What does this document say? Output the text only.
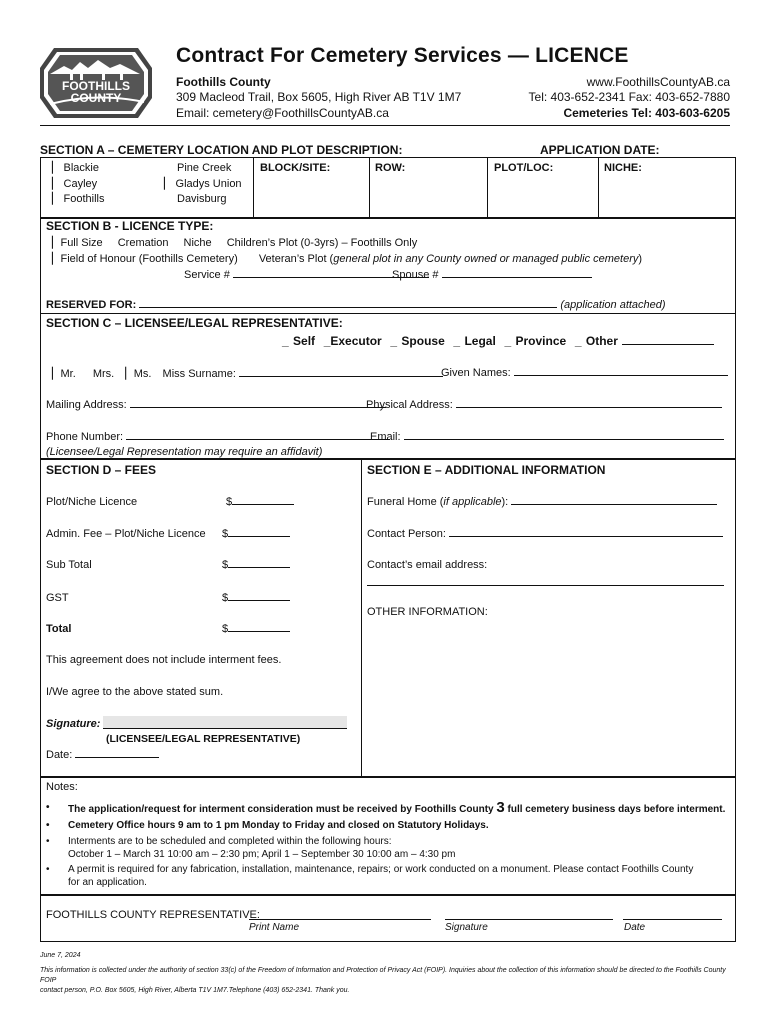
FOOTHILLS
COUNTY
Contract For Cemetery Services — LICENCE
Foothills County
309 Macleod Trail, Box 5605, High River AB T1V 1M7
Email: cemetery@FoothillsCountyAB.ca
www.FoothillsCountyAB.ca
Tel: 403-652-2341 Fax: 403-652-7880
Cemeteries Tel: 403-603-6205
SECTION A – CEMETERY LOCATION AND PLOT DESCRIPTION:	APPLICATION DATE:
▏ Blackie
▏ Cayley
▏ Foothills
Pine Creek
▏ Gladys Union
Davisburg
BLOCK/SITE:	ROW:	PLOT/LOC:	NICHE:
SECTION B - LICENCE TYPE:
▏Full Size Cremation Niche Children’s Plot (0-3yrs) – Foothills Only
▏Field of Honour (Foothills Cemetery) Veteran’s Plot (general plot in any County owned or managed public cemetery)
Service #	Spouse #
RESERVED FOR:	(application attached)
SECTION C – LICENSEE/LEGAL REPRESENTATIVE:
_ Self  _Executor  _ Spouse  _ Legal  _ Province  _ Other
▏Mr. Mrs. ▏Ms. Miss Surname:	Given Names:
Mailing Address:	Physical Address:
Phone Number:	Email:
(Licensee/Legal Representation may require an affidavit)
SECTION D – FEES
Plot/Niche Licence	$
Admin. Fee – Plot/Niche Licence $
Sub Total	$
GST	$
Total	$
This agreement does not include interment fees.
I/We agree to the above stated sum.
Signature:
(LICENSEE/LEGAL REPRESENTATIVE)
Date:
SECTION E – ADDITIONAL INFORMATION
Funeral Home (if applicable):
Contact Person:
Contact’s email address:
OTHER INFORMATION:
Notes:
The application/request for interment consideration must be received by Foothills County 3 full cemetery business days before interment.
Cemetery Office hours 9 am to 1 pm Monday to Friday and closed on Statutory Holidays.
Interments are to be scheduled and completed within the following hours:
October 1 – March 31 10:00 am – 2:30 pm; April 1 – September 30 10:00 am – 4:30 pm
A permit is required for any fabrication, installation, maintenance, repairs; or work conducted on a monument. Please contact Foothills County
for an application.
FOOTHILLS COUNTY REPRESENTATIVE:
Print Name	Signature	Date
June 7, 2024
This information is collected under the authority of section 33(c) of the Freedom of Information and Protection of Privacy Act (FOIP). Inquiries about the collection of this information should be directed to the Foothills County FOIP
contact person, P.O. Box 5605, High River, Alberta T1V 1M7.Telephone (403) 652-2341. Thank you.
